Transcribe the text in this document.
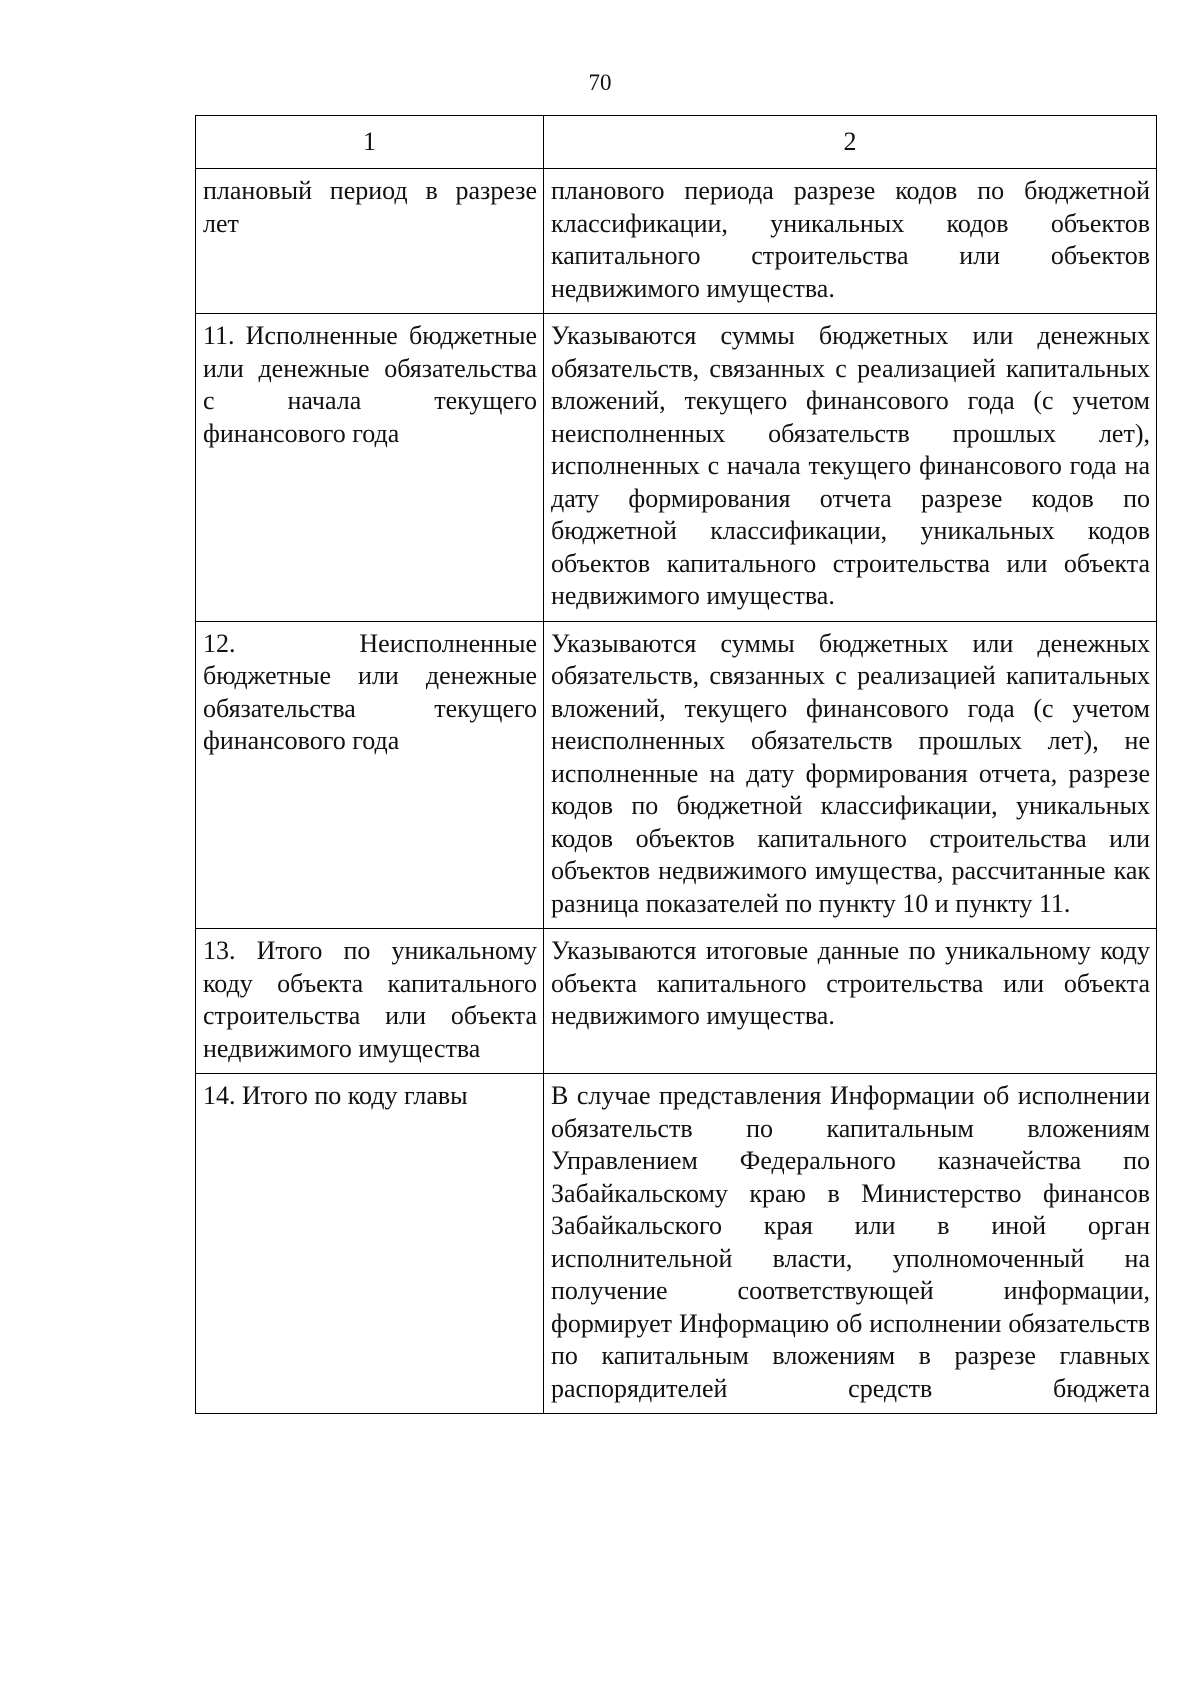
70
1	2
плановый период в разрезе лет	планового периода разрезе кодов по бюджетной классификации, уникальных кодов объектов капитального строительства или объектов недвижимого имущества.
11. Исполненные бюджетные или денежные обязательства с начала текущего финансового года	Указываются суммы бюджетных или денежных обязательств, связанных с реализацией капитальных вложений, текущего финансового года (с учетом неисполненных обязательств прошлых лет), исполненных с начала текущего финансового года на дату формирования отчета разрезе кодов по бюджетной классификации, уникальных кодов объектов капитального строительства или объекта недвижимого имущества.
12. Неисполненные бюджетные или денежные обязательства текущего финансового года	Указываются суммы бюджетных или денежных обязательств, связанных с реализацией капитальных вложений, текущего финансового года (с учетом неисполненных обязательств прошлых лет), не исполненные на дату формирования отчета, разрезе кодов по бюджетной классификации, уникальных кодов объектов капитального строительства или объектов недвижимого имущества, рассчитанные как разница показателей по пункту 10 и пункту 11.
13. Итого по уникальному коду объекта капитального строительства или объекта недвижимого имущества	Указываются итоговые данные по уникальному коду объекта капитального строительства или объекта недвижимого имущества.
14. Итого по коду главы	В случае представления Информации об исполнении обязательств по капитальным вложениям Управлением Федерального казначейства по Забайкальскому краю в Министерство финансов Забайкальского края или в иной орган исполнительной власти, уполномоченный на получение соответствующей информации, формирует Информацию об исполнении обязательств по капитальным вложениям в разрезе главных распорядителей средств бюджета
